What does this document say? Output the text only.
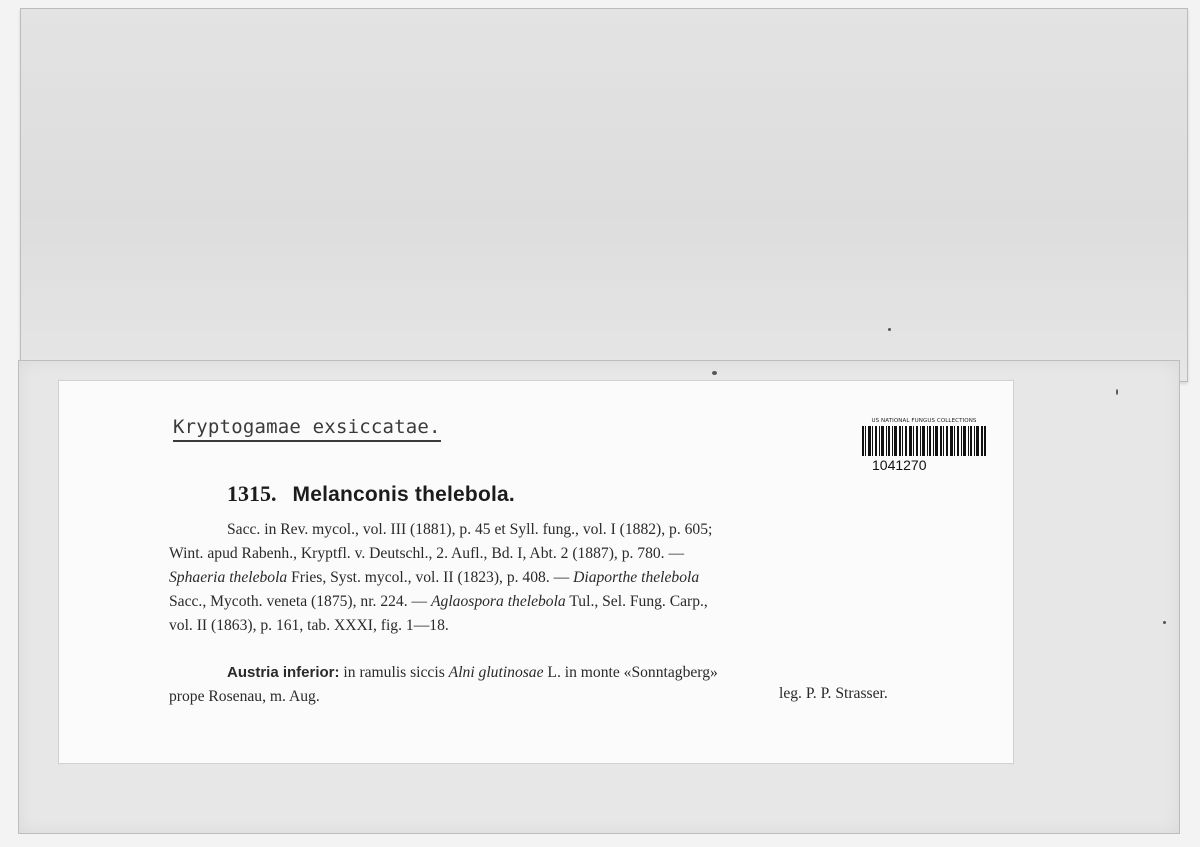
Kryptogamae exsiccatae.	US NATIONAL FUNGUS COLLECTIONS
1041270
1315. Melanconis thelebola.
Sacc. in Rev. mycol., vol. III (1881), p. 45 et Syll. fung., vol. I (1882), p. 605;
Wint. apud Rabenh., Kryptfl. v. Deutschl., 2. Aufl., Bd. I, Abt. 2 (1887), p. 780. —
Sphaeria thelebola Fries, Syst. mycol., vol. II (1823), p. 408. — Diaporthe thelebola
Sacc., Mycoth. veneta (1875), nr. 224. — Aglaospora thelebola Tul., Sel. Fung. Carp.,
vol. II (1863), p. 161, tab. XXXI, fig. 1—18.
Austria inferior: in ramulis siccis Alni glutinosae L. in monte «Sonntagberg»
prope Rosenau, m. Aug.	leg. P. P. Strasser.
